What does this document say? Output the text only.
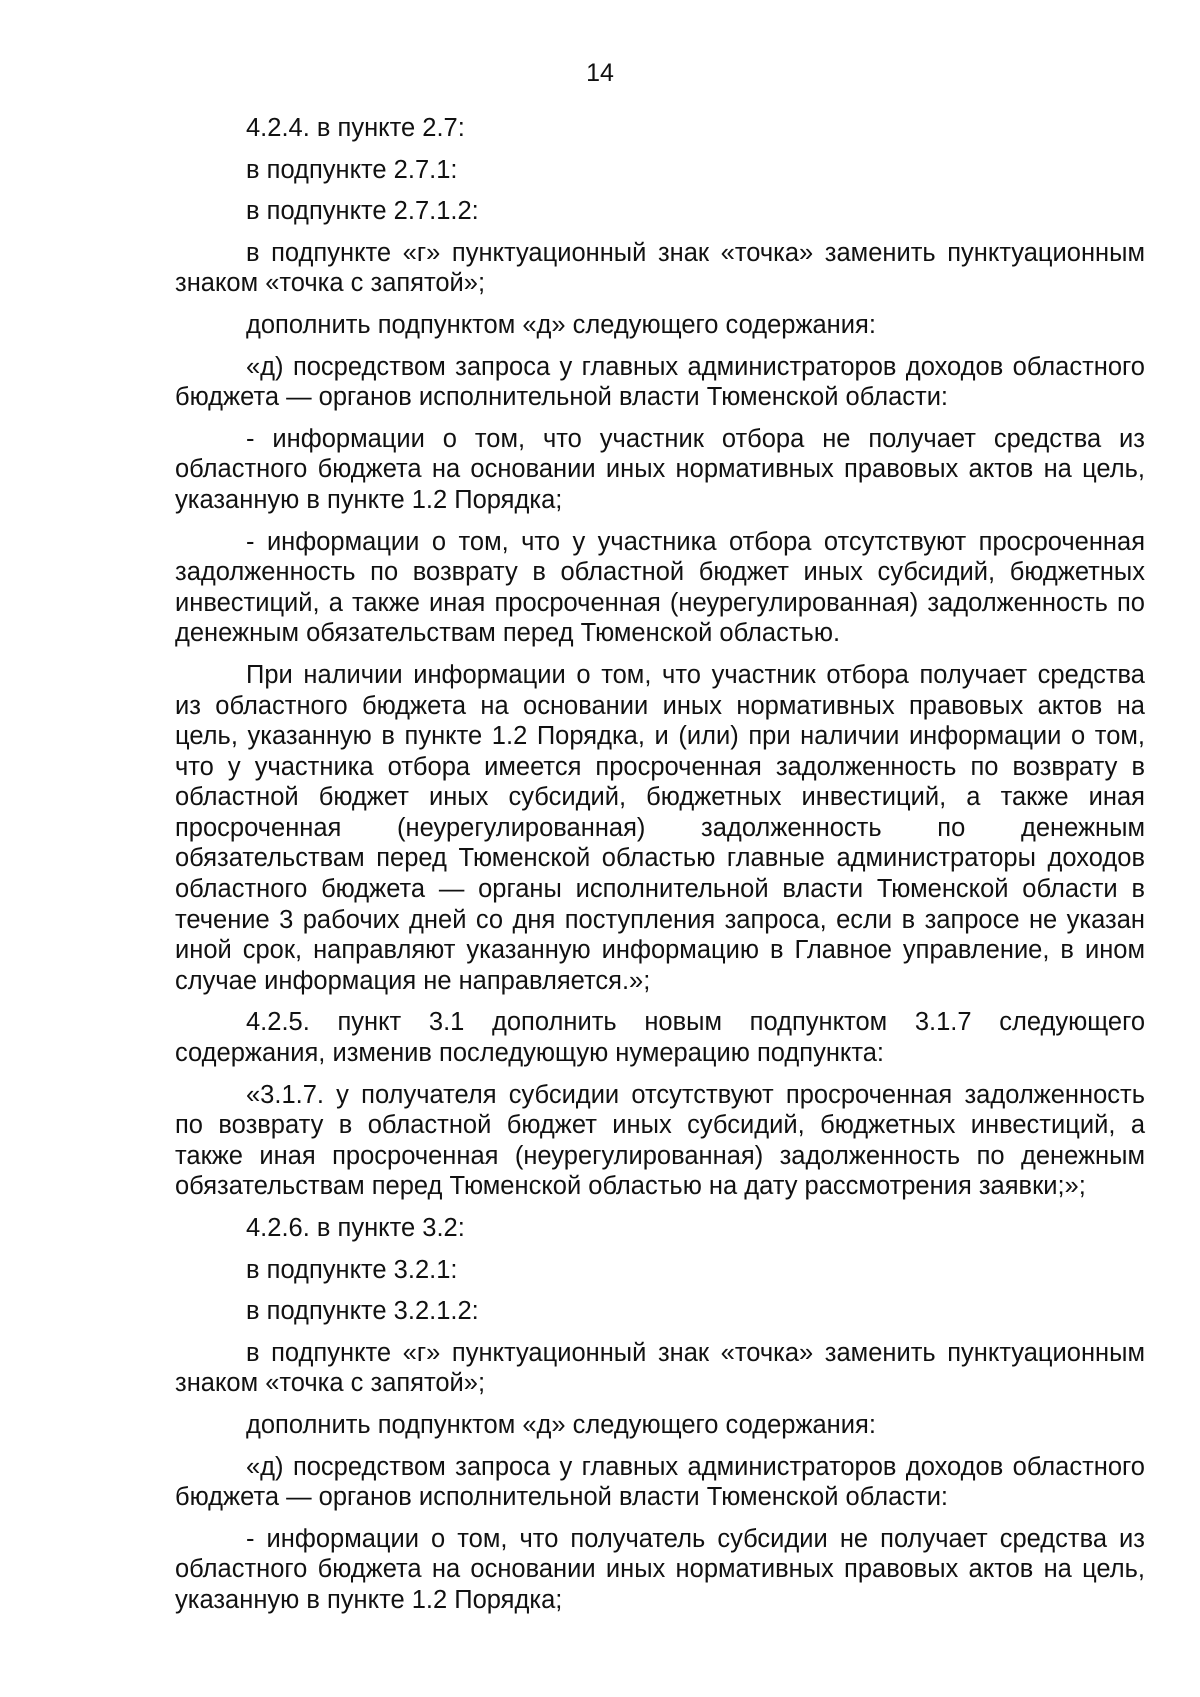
14

4.2.4. в пункте 2.7:

в подпункте 2.7.1:

в подпункте 2.7.1.2:

в подпункте «г» пунктуационный знак «точка» заменить пунктуационным знаком «точка с запятой»;

дополнить подпунктом «д» следующего содержания:

«д) посредством запроса у главных администраторов доходов областного бюджета — органов исполнительной власти Тюменской области:

- информации о том, что участник отбора не получает средства из областного бюджета на основании иных нормативных правовых актов на цель, указанную в пункте 1.2 Порядка;

- информации о том, что у участника отбора отсутствуют просроченная задолженность по возврату в областной бюджет иных субсидий, бюджетных инвестиций, а также иная просроченная (неурегулированная) задолженность по денежным обязательствам перед Тюменской областью.

При наличии информации о том, что участник отбора получает средства из областного бюджета на основании иных нормативных правовых актов на цель, указанную в пункте 1.2 Порядка, и (или) при наличии информации о том, что у участника отбора имеется просроченная задолженность по возврату в областной бюджет иных субсидий, бюджетных инвестиций, а также иная просроченная (неурегулированная) задолженность по денежным обязательствам перед Тюменской областью главные администраторы доходов областного бюджета — органы исполнительной власти Тюменской области в течение 3 рабочих дней со дня поступления запроса, если в запросе не указан иной срок, направляют указанную информацию в Главное управление, в ином случае информация не направляется.»;

4.2.5. пункт 3.1 дополнить новым подпунктом 3.1.7 следующего содержания, изменив последующую нумерацию подпункта:

«3.1.7. у получателя субсидии отсутствуют просроченная задолженность по возврату в областной бюджет иных субсидий, бюджетных инвестиций, а также иная просроченная (неурегулированная) задолженность по денежным обязательствам перед Тюменской областью на дату рассмотрения заявки;»;

4.2.6. в пункте 3.2:

в подпункте 3.2.1:

в подпункте 3.2.1.2:

в подпункте «г» пунктуационный знак «точка» заменить пунктуационным знаком «точка с запятой»;

дополнить подпунктом «д» следующего содержания:

«д) посредством запроса у главных администраторов доходов областного бюджета — органов исполнительной власти Тюменской области:

- информации о том, что получатель субсидии не получает средства из областного бюджета на основании иных нормативных правовых актов на цель, указанную в пункте 1.2 Порядка;
